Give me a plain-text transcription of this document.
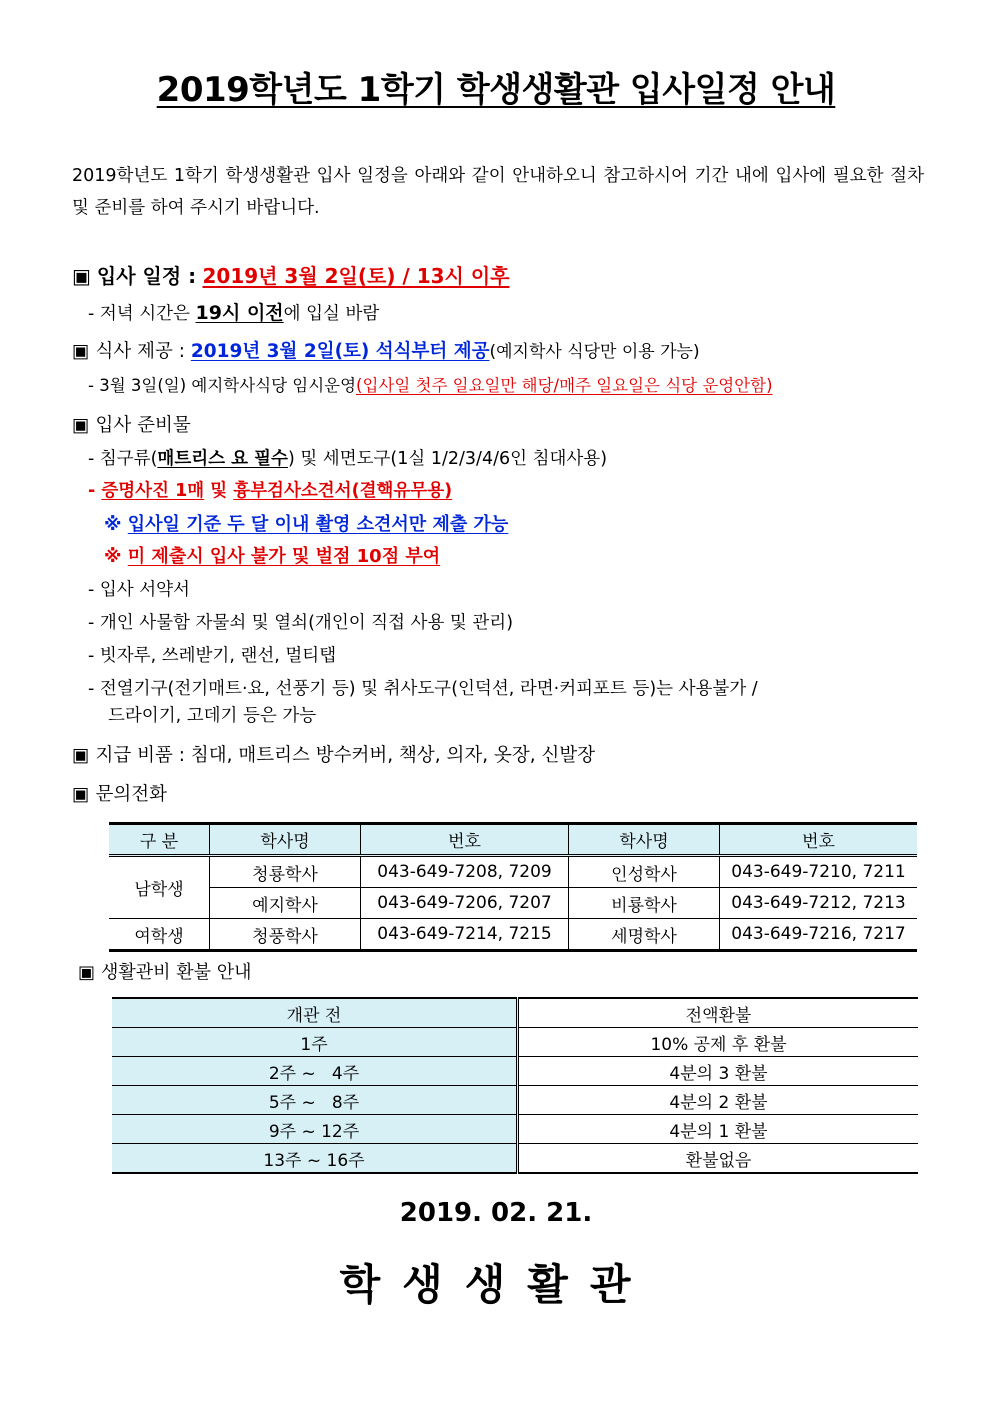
2019학년도 1학기 학생생활관 입사일정 안내
2019학년도 1학기 학생생활관 입사 일정을 아래와 같이 안내하오니 참고하시어 기간 내에 입사에 필요한 절차 및 준비를 하여 주시기 바랍니다.
▣ 입사 일정 : 2019년 3월 2일(토) / 13시 이후
- 저녁 시간은 19시 이전에 입실 바람
▣ 식사 제공 : 2019년 3월 2일(토) 석식부터 제공(예지학사 식당만 이용 가능)
- 3월 3일(일) 예지학사식당 임시운영(입사일 첫주 일요일만 해당/매주 일요일은 식당 운영안함)
▣ 입사 준비물
- 침구류(매트리스 요 필수) 및 세면도구(1실 1/2/3/4/6인 침대사용)
- 증명사진 1매 및 흉부검사소견서(결핵유무용)
※ 입사일 기준 두 달 이내 촬영 소견서만 제출 가능
※ 미 제출시 입사 불가 및 벌점 10점 부여
- 입사 서약서
- 개인 사물함 자물쇠 및 열쇠(개인이 직접 사용 및 관리)
- 빗자루, 쓰레받기, 랜선, 멀티탭
- 전열기구(전기매트·요, 선풍기 등) 및 취사도구(인덕션, 라면·커피포트 등)는 사용불가 /
드라이기, 고데기 등은 가능
▣ 지급 비품 : 침대, 매트리스 방수커버, 책상, 의자, 옷장, 신발장
▣ 문의전화
구 분	학사명	번호	학사명	번호
남학생	청룡학사	043-649-7208, 7209	인성학사	043-649-7210, 7211
	예지학사	043-649-7206, 7207	비룡학사	043-649-7212, 7213
여학생	청풍학사	043-649-7214, 7215	세명학사	043-649-7216, 7217
▣ 생활관비 환불 안내
개관 전	전액환불
1주	10% 공제 후 환불
2주 ~   4주	4분의 3 환불
5주 ~   8주	4분의 2 환불
9주 ~ 12주	4분의 1 환불
13주 ~ 16주	환불없음
2019. 02. 21.
학생생활관
